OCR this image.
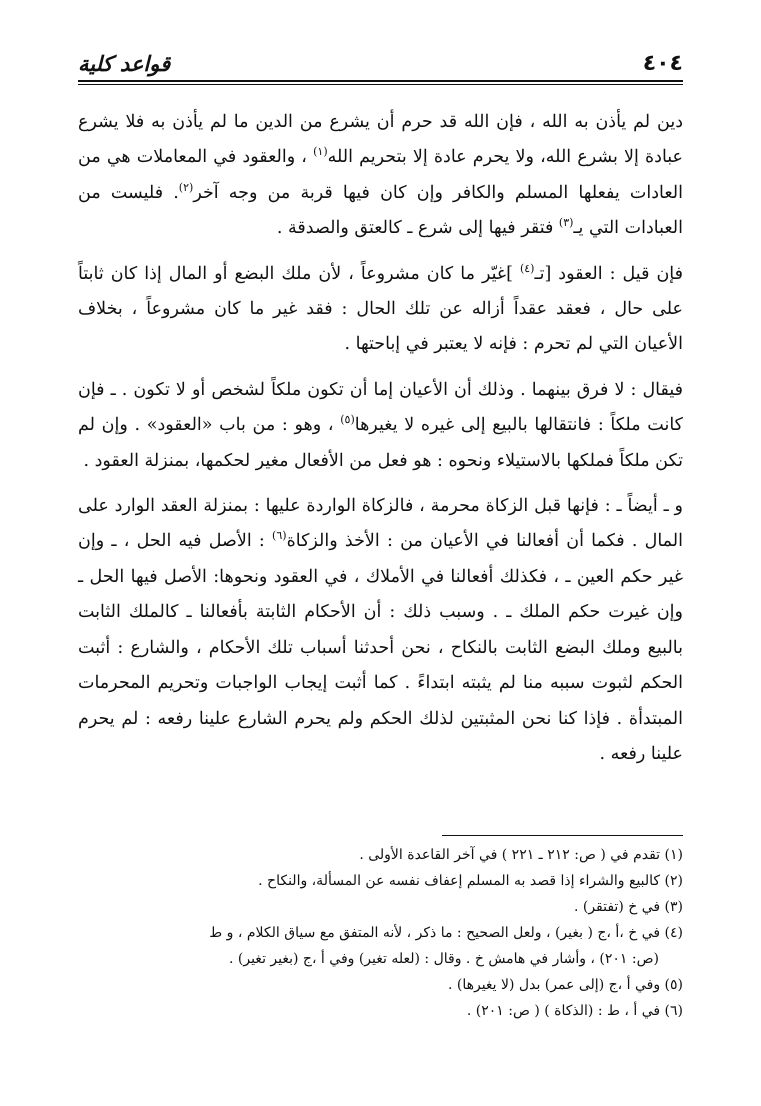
٤٠٤
قواعد كلية

دين لم يأذن به الله ، فإن الله قد حرم أن يشرع من الدين ما لم يأذن به فلا يشرع عبادة إلا بشرع الله، ولا يحرم عادة إلا بتحريم الله$^{(١)}$ ، والعقود في المعاملات هي من العادات يفعلها المسلم والكافر وإن كان فيها قربة من وجه آخر$^{(٢)}$. فليست من العبادات التي يـ$^{(٣)}$ فتقر فيها إلى شرع ـ كالعتق والصدقة .

فإن قيل : العقود [تـ$^{(٤)}$ ]غيّر ما كان مشروعاً ، لأن ملك البضع أو المال إذا كان ثابتاً على حال ، فعقد عقداً أزاله عن تلك الحال : فقد غير ما كان مشروعاً ، بخلاف الأعيان التي لم تحرم : فإنه لا يعتبر في إباحتها .

فيقال : لا فرق بينهما . وذلك أن الأعيان إما أن تكون ملكاً لشخص أو لا تكون . ـ فإن كانت ملكاً : فانتقالها بالبيع إلى غيره لا يغيرها$^{(٥)}$ ، وهو : من باب «العقود» . وإن لم تكن ملكاً فملكها بالاستيلاء ونحوه : هو فعل من الأفعال مغير لحكمها، بمنزلة العقود .

و ـ أيضاً ـ : فإنها قبل الزكاة محرمة ، فالزكاة الواردة عليها : بمنزلة العقد الوارد على المال . فكما أن أفعالنا في الأعيان من : الأخذ والزكاة$^{(٦)}$ : الأصل فيه الحل ، ـ وإن غير حكم العين ـ ، فكذلك أفعالنا في الأملاك ، في العقود ونحوها: الأصل فيها الحل ـ وإن غيرت حكم الملك ـ . وسبب ذلك : أن الأحكام الثابتة بأفعالنا ـ كالملك الثابت بالبيع وملك البضع الثابت بالنكاح ، نحن أحدثنا أسباب تلك الأحكام ، والشارع : أثبت الحكم لثبوت سببه منا لم يثبته ابتداءً . كما أثبت إيجاب الواجبات وتحريم المحرمات المبتدأة . فإذا كنا نحن المثبتين لذلك الحكم ولم يحرم الشارع علينا رفعه : لم يحرم علينا رفعه .

(١) تقدم في ( ص: ٢١٢ ـ ٢٢١ ) في آخر القاعدة الأولى .

(٢) كالبيع والشراء إذا قصد به المسلم إعفاف نفسه عن المسألة، والنكاح .

(٣) في خ (تفتقر) .

(٤) في خ ،أ ،ج ( بغير) ، ولعل الصحيح : ما ذكر ، لأنه المتفق مع سياق الكلام ، و ط

(ص: ٢٠١) ، وأشار في هامش خ . وقال : (لعله تغير) وفي أ ،ج (بغير تغير) .

(٥) وفي أ ،ج (إلى عمر) بدل (لا يغيرها) .

(٦) في أ ، ط : (الذكاة ) ( ص: ٢٠١) .
